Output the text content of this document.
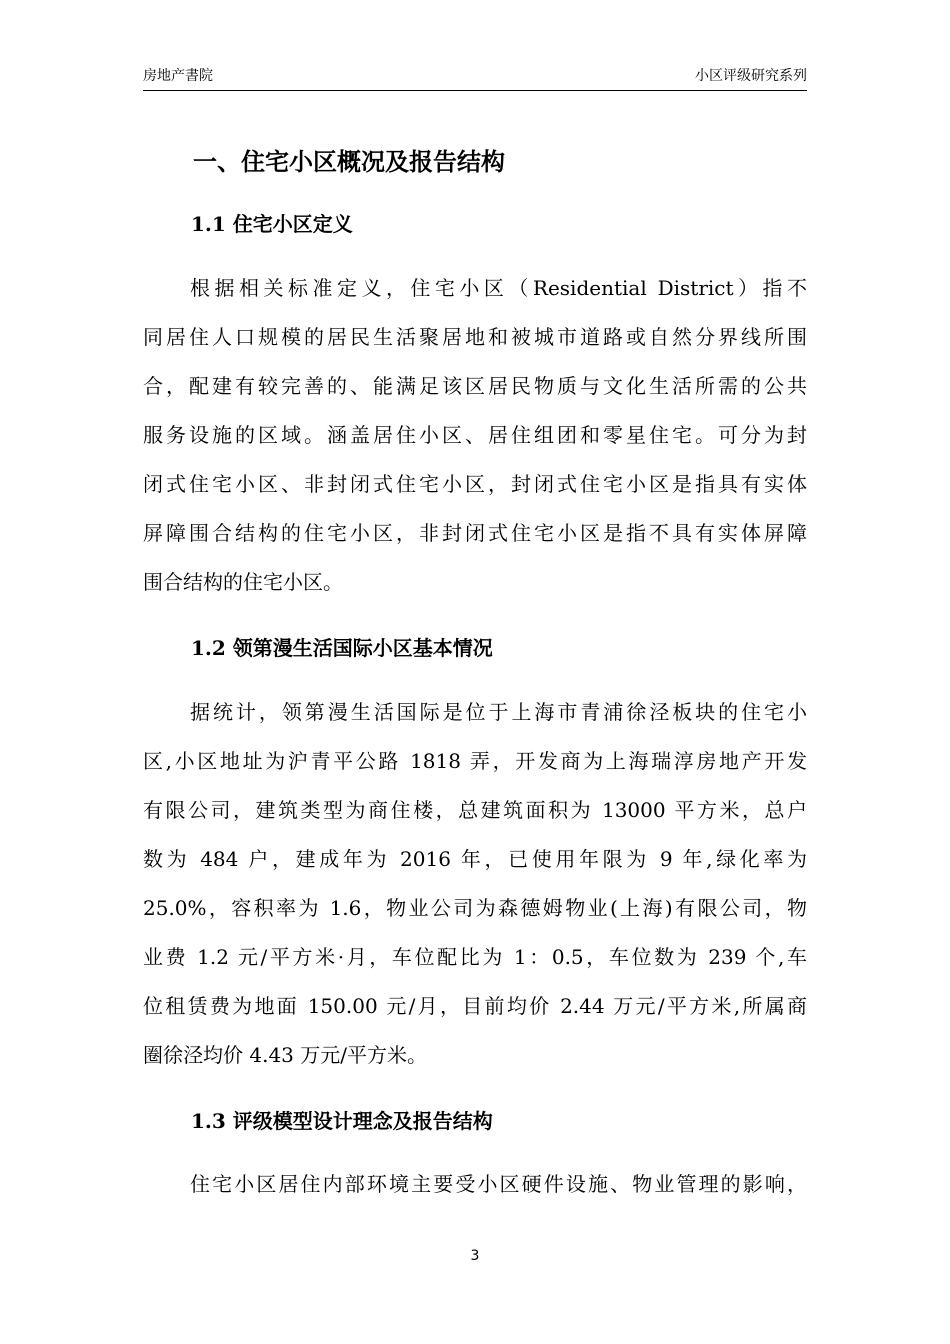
房地产書院	小区评级研究系列
一、住宅小区概况及报告结构
1.1 住宅小区定义
根据相关标准定义，住宅小区（Residential District）指不
同居住人口规模的居民生活聚居地和被城市道路或自然分界线所围
合，配建有较完善的、能满足该区居民物质与文化生活所需的公共
服务设施的区域。涵盖居住小区、居住组团和零星住宅。可分为封
闭式住宅小区、非封闭式住宅小区，封闭式住宅小区是指具有实体
屏障围合结构的住宅小区，非封闭式住宅小区是指不具有实体屏障
围合结构的住宅小区。
1.2 领第漫生活国际小区基本情况
据统计，领第漫生活国际是位于上海市青浦徐泾板块的住宅小
区,小区地址为沪青平公路 1818 弄，开发商为上海瑞淳房地产开发
有限公司，建筑类型为商住楼，总建筑面积为 13000 平方米，总户
数为 484 户，建成年为 2016 年，已使用年限为 9 年,绿化率为
25.0%，容积率为 1.6，物业公司为森德姆物业(上海)有限公司，物
业费 1.2 元/平方米·月，车位配比为 1：0.5，车位数为 239 个,车
位租赁费为地面 150.00 元/月，目前均价 2.44 万元/平方米,所属商
圈徐泾均价 4.43 万元/平方米。
1.3 评级模型设计理念及报告结构
住宅小区居住内部环境主要受小区硬件设施、物业管理的影响，
3
